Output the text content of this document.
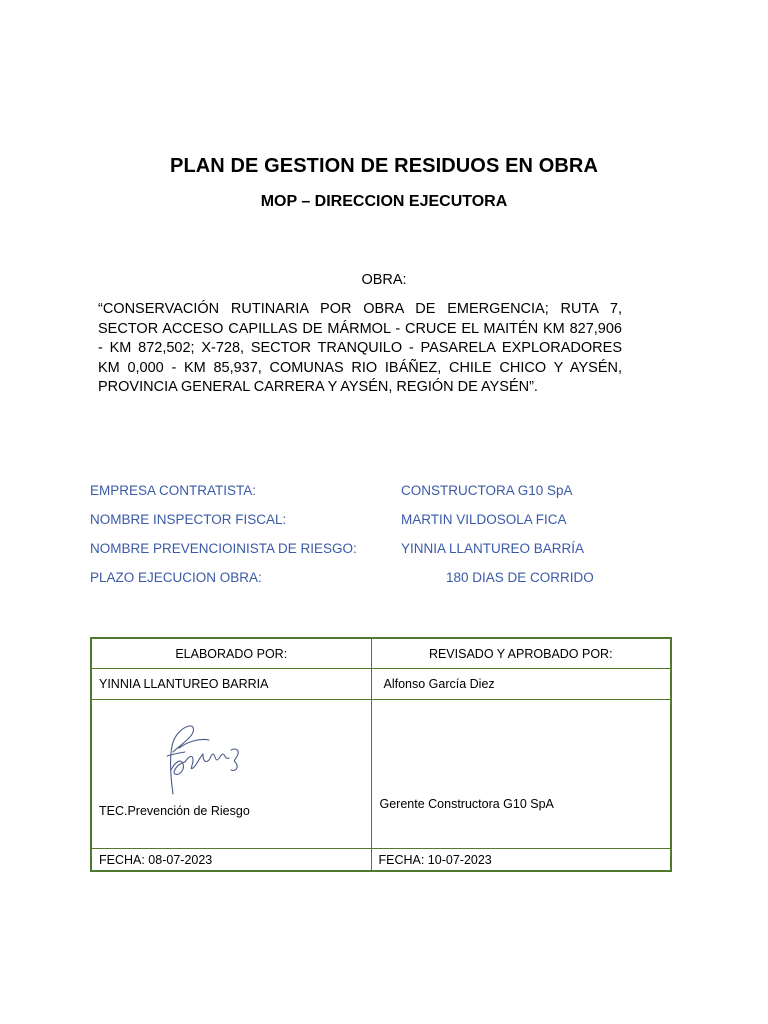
PLAN DE GESTION DE RESIDUOS EN OBRA
MOP – DIRECCION EJECUTORA
OBRA:
“CONSERVACIÓN RUTINARIA POR OBRA DE EMERGENCIA; RUTA 7, SECTOR ACCESO CAPILLAS DE MÁRMOL - CRUCE EL MAITÉN KM 827,906 - KM 872,502; X-728, SECTOR TRANQUILO - PASARELA EXPLORADORES KM 0,000 - KM 85,937, COMUNAS RIO IBÁÑEZ, CHILE CHICO Y AYSÉN, PROVINCIA GENERAL CARRERA Y AYSÉN, REGIÓN DE AYSÉN”.
EMPRESA CONTRATISTA:	CONSTRUCTORA G10 SpA
NOMBRE INSPECTOR FISCAL:	MARTIN VILDOSOLA FICA
NOMBRE PREVENCIOINISTA DE RIESGO:	YINNIA LLANTUREO BARRÍA
PLAZO EJECUCION OBRA:	180 DIAS DE CORRIDO
ELABORADO POR:	REVISADO Y APROBADO POR:
YINNIA LLANTUREO BARRIA	Alfonso García Diez

TEC.Prevención de Riesgo	Gerente Constructora G10 SpA

FECHA: 08-07-2023	FECHA: 10-07-2023
